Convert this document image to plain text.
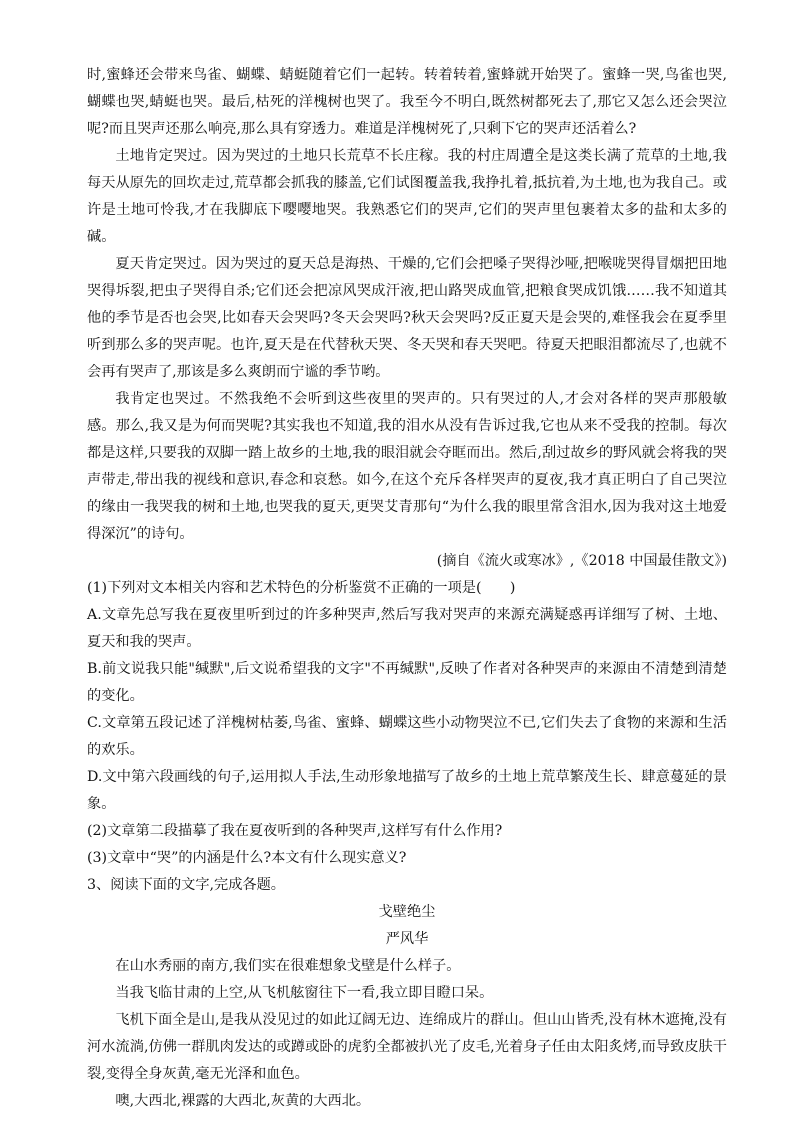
时,蜜蜂还会带来鸟雀、蝴蝶、蜻蜓随着它们一起转。转着转着,蜜蜂就开始哭了。蜜蜂一哭,鸟雀也哭,蝴蝶也哭,蜻蜓也哭。最后,枯死的洋槐树也哭了。我至今不明白,既然树都死去了,那它又怎么还会哭泣呢?而且哭声还那么响亮,那么具有穿透力。难道是洋槐树死了,只剩下它的哭声还活着么?

土地肯定哭过。因为哭过的土地只长荒草不长庄稼。我的村庄周遭全是这类长满了荒草的土地,我每天从原先的回坎走过,荒草都会抓我的膝盖,它们试图覆盖我,我挣扎着,抵抗着,为土地,也为我自己。或许是土地可怜我,才在我脚底下嘤嘤地哭。我熟悉它们的哭声,它们的哭声里包裹着太多的盐和太多的碱。

夏天肯定哭过。因为哭过的夏天总是海热、干燥的,它们会把嗓子哭得沙哑,把喉咙哭得冒烟把田地哭得坼裂,把虫子哭得自杀;它们还会把凉风哭成汗液,把山路哭成血管,把粮食哭成饥饿……我不知道其他的季节是否也会哭,比如春天会哭吗?冬天会哭吗?秋天会哭吗?反正夏天是会哭的,难怪我会在夏季里听到那么多的哭声呢。也许,夏天是在代替秋天哭、冬天哭和春天哭吧。待夏天把眼泪都流尽了,也就不会再有哭声了,那该是多么爽朗而宁谧的季节哟。

我肯定也哭过。不然我绝不会听到这些夜里的哭声的。只有哭过的人,才会对各样的哭声那般敏感。那么,我又是为何而哭呢?其实我也不知道,我的泪水从没有告诉过我,它也从来不受我的控制。每次都是这样,只要我的双脚一踏上故乡的土地,我的眼泪就会夺眶而出。然后,刮过故乡的野风就会将我的哭声带走,带出我的视线和意识,春念和哀愁。如今,在这个充斥各样哭声的夏夜,我才真正明白了自己哭泣的缘由一我哭我的树和土地,也哭我的夏天,更哭艾青那句“为什么我的眼里常含泪水,因为我对这土地爱得深沉”的诗句。

(摘自《流火或寒冰》,《2018 中国最佳散文》)

(1)下列对文本相关内容和艺术特色的分析鉴赏不正确的一项是(　　)

A.文章先总写我在夏夜里听到过的许多种哭声,然后写我对哭声的来源充满疑惑再详细写了树、土地、夏天和我的哭声。

B.前文说我只能"缄默",后文说希望我的文字"不再缄默",反映了作者对各种哭声的来源由不清楚到清楚的变化。

C.文章第五段记述了洋槐树枯萎,鸟雀、蜜蜂、蝴蝶这些小动物哭泣不已,它们失去了食物的来源和生活的欢乐。

D.文中第六段画线的句子,运用拟人手法,生动形象地描写了故乡的土地上荒草繁茂生长、肆意蔓延的景象。

(2)文章第二段描摹了我在夏夜听到的各种哭声,这样写有什么作用?

(3)文章中“哭”的内涵是什么?本文有什么现实意义?

3、阅读下面的文字,完成各题。

戈壁绝尘

严风华

在山水秀丽的南方,我们实在很难想象戈壁是什么样子。

当我飞临甘肃的上空,从飞机舷窗往下一看,我立即目瞪口呆。

飞机下面全是山,是我从没见过的如此辽阔无边、连绵成片的群山。但山山皆秃,没有林木遮掩,没有河水流淌,仿佛一群肌肉发达的或蹲或卧的虎豹全都被扒光了皮毛,光着身子任由太阳炙烤,而导致皮肤干裂,变得全身灰黄,毫无光泽和血色。

噢,大西北,裸露的大西北,灰黄的大西北。
